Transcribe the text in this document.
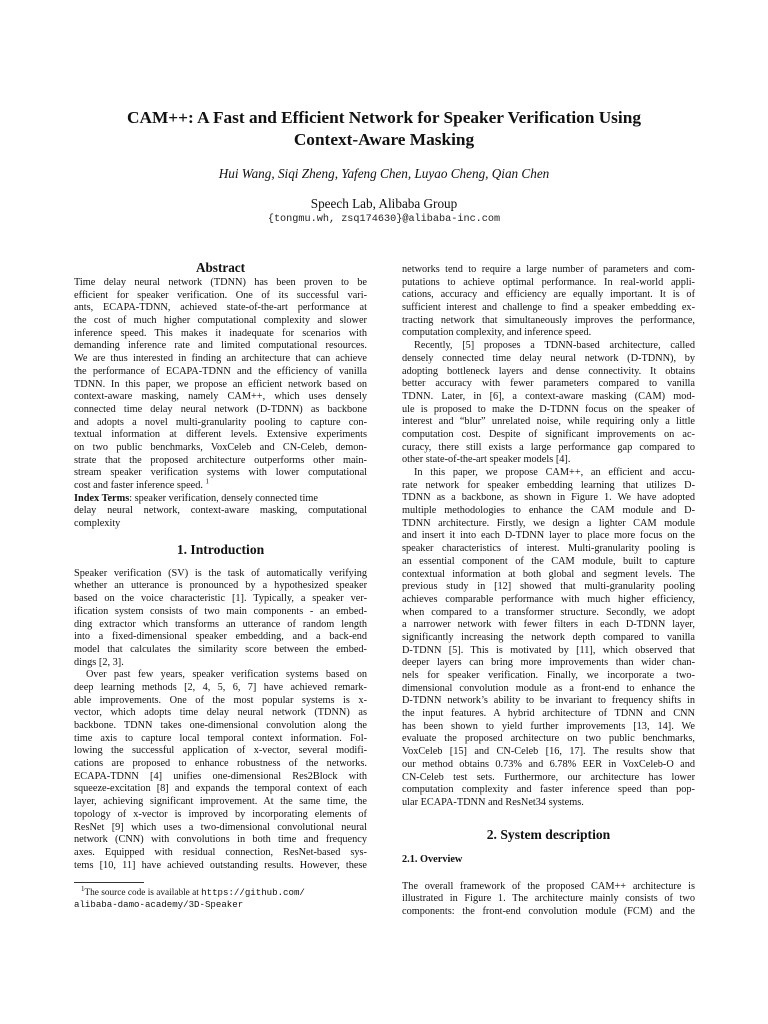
CAM++: A Fast and Efficient Network for Speaker Verification Using
Context-Aware Masking
Hui Wang, Siqi Zheng, Yafeng Chen, Luyao Cheng, Qian Chen
Speech Lab, Alibaba Group
{tongmu.wh, zsq174630}@alibaba-inc.com
Abstract
Time delay neural network (TDNN) has been proven to be
efficient for speaker verification. One of its successful vari-
ants, ECAPA-TDNN, achieved state-of-the-art performance at
the cost of much higher computational complexity and slower
inference speed. This makes it inadequate for scenarios with
demanding inference rate and limited computational resources.
We are thus interested in finding an architecture that can achieve
the performance of ECAPA-TDNN and the efficiency of vanilla
TDNN. In this paper, we propose an efficient network based on
context-aware masking, namely CAM++, which uses densely
connected time delay neural network (D-TDNN) as backbone
and adopts a novel multi-granularity pooling to capture con-
textual information at different levels. Extensive experiments
on two public benchmarks, VoxCeleb and CN-Celeb, demon-
strate that the proposed architecture outperforms other main-
stream speaker verification systems with lower computational
cost and faster inference speed. $^1$
Index Terms: speaker verification, densely connected time
delay neural network, context-aware masking, computational
complexity
1. Introduction
Speaker verification (SV) is the task of automatically verifying
whether an utterance is pronounced by a hypothesized speaker
based on the voice characteristic [1]. Typically, a speaker ver-
ification system consists of two main components - an embed-
ding extractor which transforms an utterance of random length
into a fixed-dimensional speaker embedding, and a back-end
model that calculates the similarity score between the embed-
dings [2, 3].
Over past few years, speaker verification systems based on
deep learning methods [2, 4, 5, 6, 7] have achieved remark-
able improvements. One of the most popular systems is x-
vector, which adopts time delay neural network (TDNN) as
backbone. TDNN takes one-dimensional convolution along the
time axis to capture local temporal context information. Fol-
lowing the successful application of x-vector, several modifi-
cations are proposed to enhance robustness of the networks.
ECAPA-TDNN [4] unifies one-dimensional Res2Block with
squeeze-excitation [8] and expands the temporal context of each
layer, achieving significant improvement. At the same time, the
topology of x-vector is improved by incorporating elements of
ResNet [9] which uses a two-dimensional convolutional neural
network (CNN) with convolutions in both time and frequency
axes. Equipped with residual connection, ResNet-based sys-
tems [10, 11] have achieved outstanding results. However, these
$^1$The source code is available at https://github.com/
alibaba-damo-academy/3D-Speaker
networks tend to require a large number of parameters and com-
putations to achieve optimal performance. In real-world appli-
cations, accuracy and efficiency are equally important. It is of
sufficient interest and challenge to find a speaker embedding ex-
tracting network that simultaneously improves the performance,
computation complexity, and inference speed.
Recently, [5] proposes a TDNN-based architecture, called
densely connected time delay neural network (D-TDNN), by
adopting bottleneck layers and dense connectivity. It obtains
better accuracy with fewer parameters compared to vanilla
TDNN. Later, in [6], a context-aware masking (CAM) mod-
ule is proposed to make the D-TDNN focus on the speaker of
interest and “blur” unrelated noise, while requiring only a little
computation cost. Despite of significant improvements on ac-
curacy, there still exists a large performance gap compared to
other state-of-the-art speaker models [4].
In this paper, we propose CAM++, an efficient and accu-
rate network for speaker embedding learning that utilizes D-
TDNN as a backbone, as shown in Figure 1. We have adopted
multiple methodologies to enhance the CAM module and D-
TDNN architecture. Firstly, we design a lighter CAM module
and insert it into each D-TDNN layer to place more focus on the
speaker characteristics of interest. Multi-granularity pooling is
an essential component of the CAM module, built to capture
contextual information at both global and segment levels. The
previous study in [12] showed that multi-granularity pooling
achieves comparable performance with much higher efficiency,
when compared to a transformer structure. Secondly, we adopt
a narrower network with fewer filters in each D-TDNN layer,
significantly increasing the network depth compared to vanilla
D-TDNN [5]. This is motivated by [11], which observed that
deeper layers can bring more improvements than wider chan-
nels for speaker verification. Finally, we incorporate a two-
dimensional convolution module as a front-end to enhance the
D-TDNN network’s ability to be invariant to frequency shifts in
the input features. A hybrid architecture of TDNN and CNN
has been shown to yield further improvements [13, 14]. We
evaluate the proposed architecture on two public benchmarks,
VoxCeleb [15] and CN-Celeb [16, 17]. The results show that
our method obtains 0.73% and 6.78% EER in VoxCeleb-O and
CN-Celeb test sets. Furthermore, our architecture has lower
computation complexity and faster inference speed than pop-
ular ECAPA-TDNN and ResNet34 systems.
2. System description
2.1. Overview
The overall framework of the proposed CAM++ architecture is
illustrated in Figure 1. The architecture mainly consists of two
components: the front-end convolution module (FCM) and the
